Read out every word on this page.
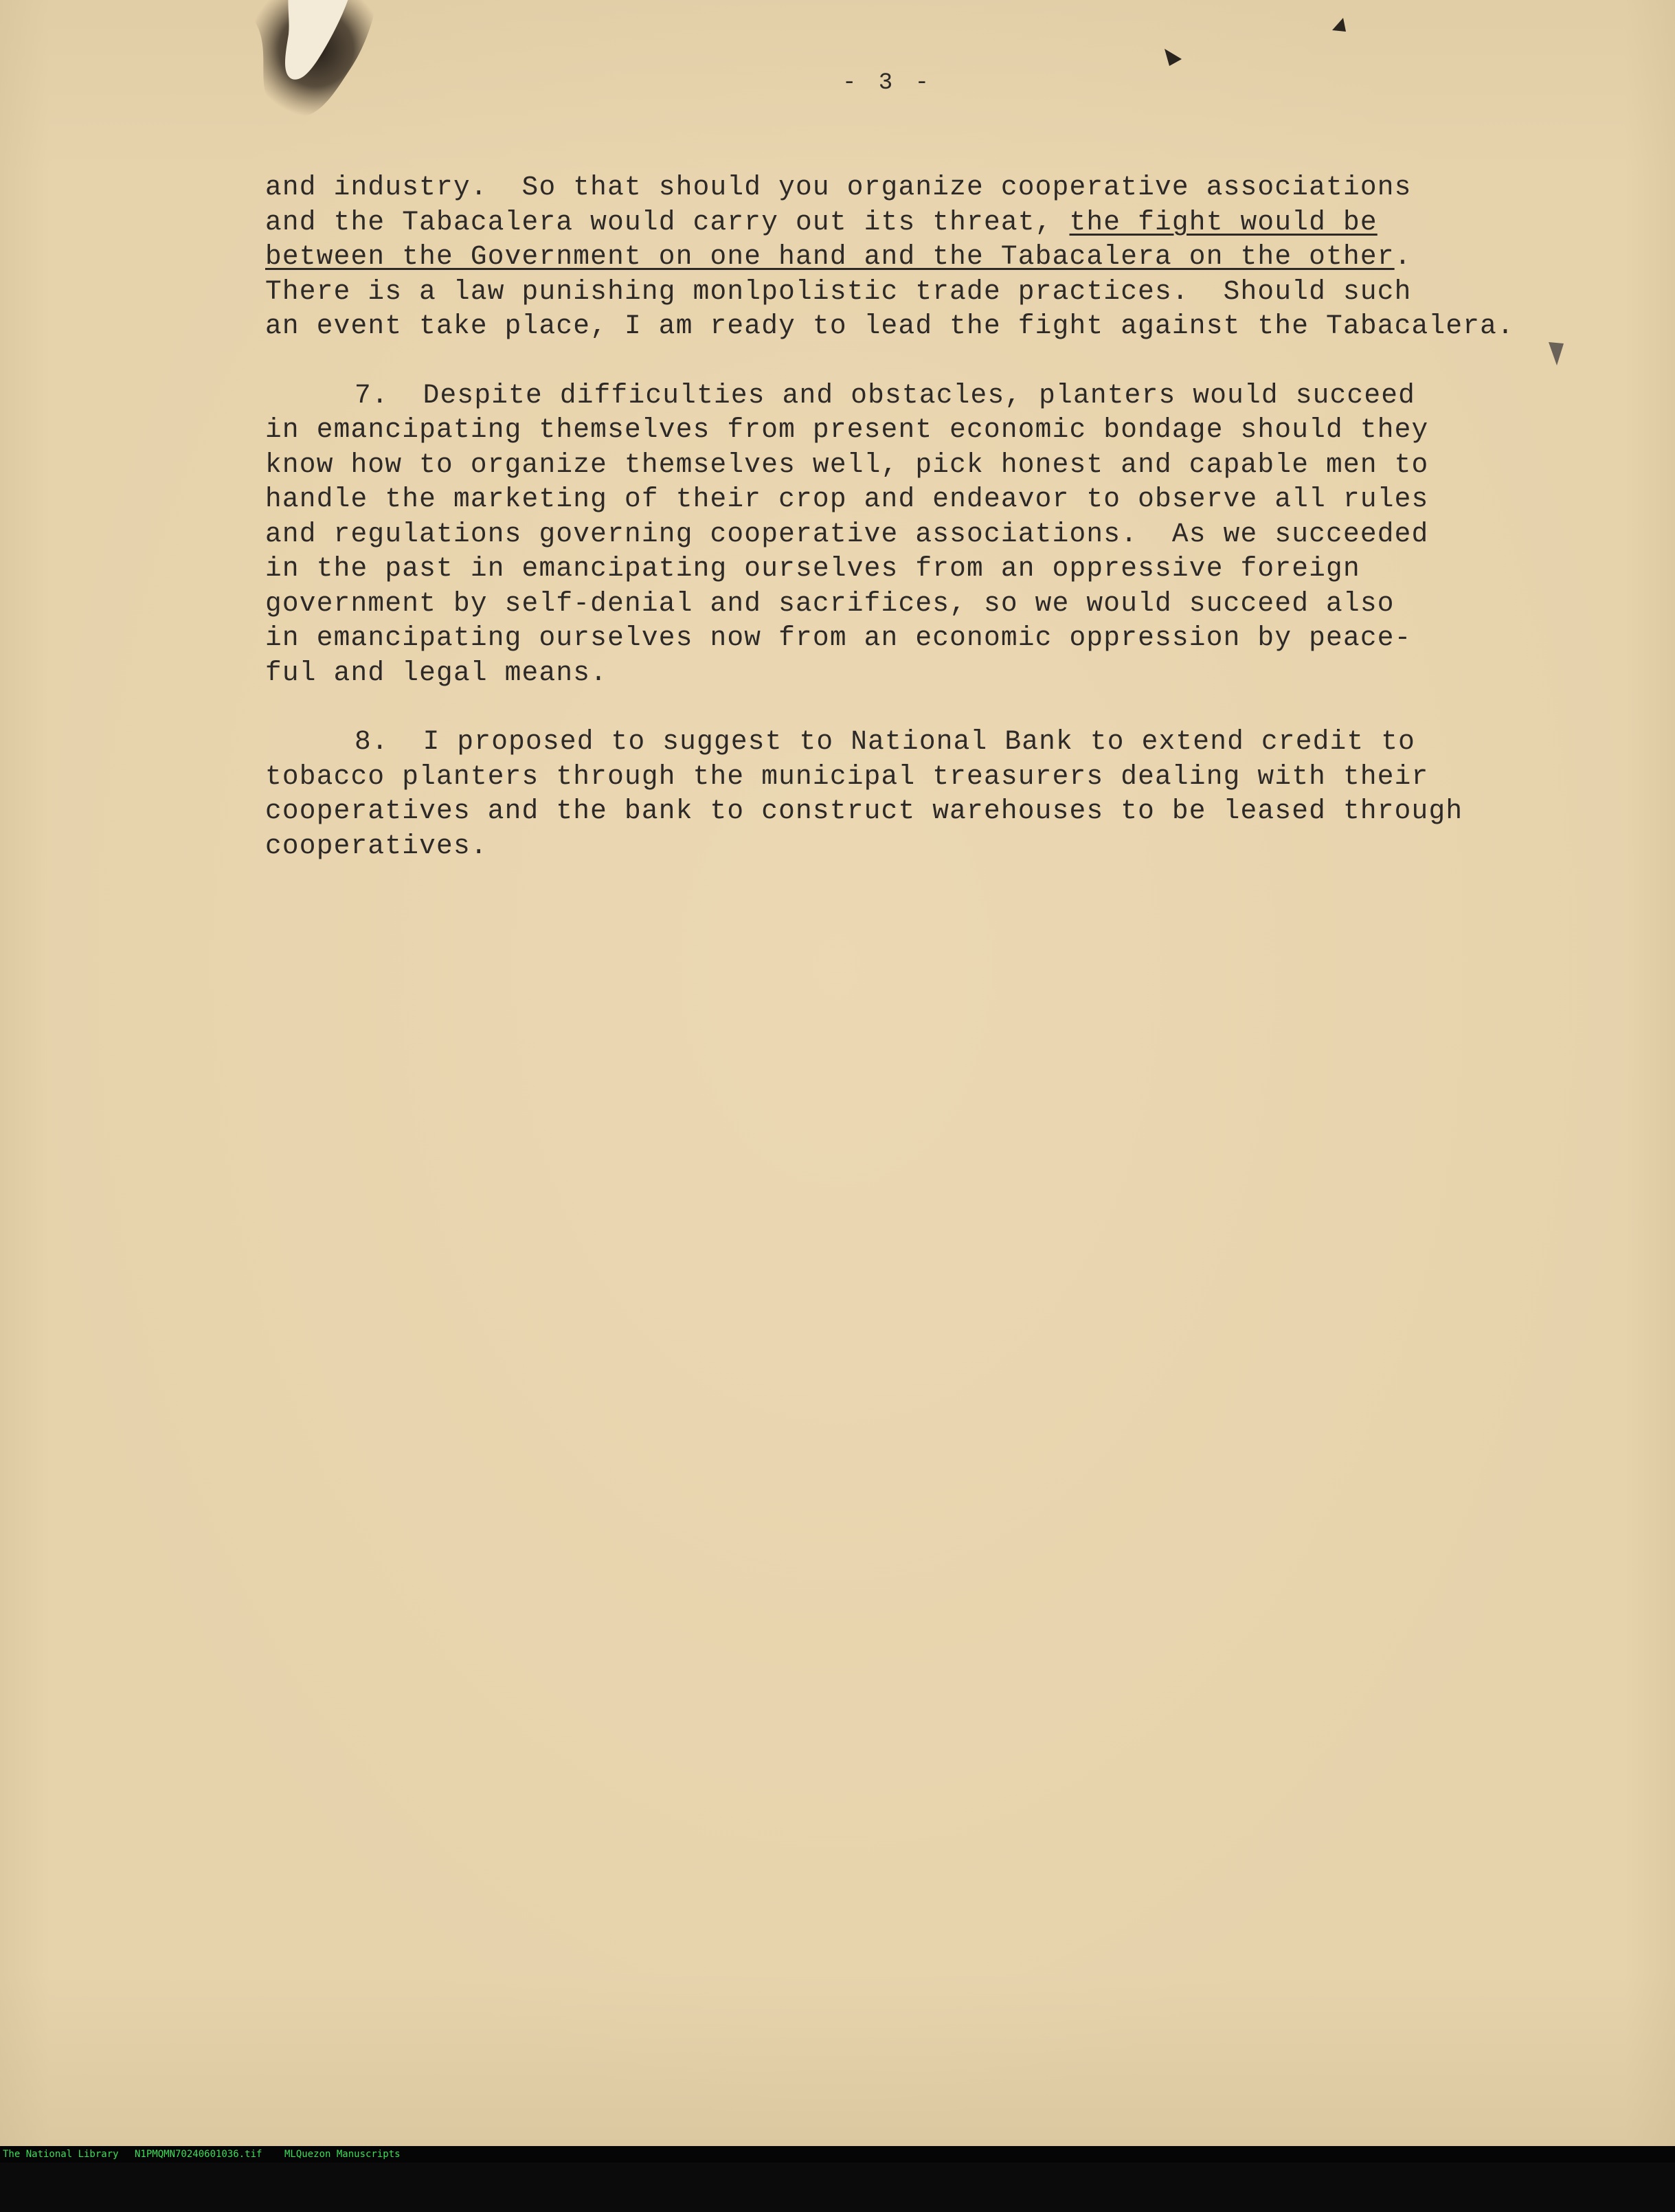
- 3 -
and industry.  So that should you organize cooperative associations
and the Tabacalera would carry out its threat, the fight would be
between the Government on one hand and the Tabacalera on the other.
There is a law punishing monlpolistic trade practices.  Should such
an event take place, I am ready to lead the fight against the Tabacalera.
7.  Despite difficulties and obstacles, planters would succeed
in emancipating themselves from present economic bondage should they
know how to organize themselves well, pick honest and capable men to
handle the marketing of their crop and endeavor to observe all rules
and regulations governing cooperative associations.  As we succeeded
in the past in emancipating ourselves from an oppressive foreign
government by self-denial and sacrifices, so we would succeed also
in emancipating ourselves now from an economic oppression by peace-
ful and legal means.
8.  I proposed to suggest to National Bank to extend credit to
tobacco planters through the municipal treasurers dealing with their
cooperatives and the bank to construct warehouses to be leased through
cooperatives.

The National Library

N1PMQMN70240601036.tif

MLQuezon Manuscripts
